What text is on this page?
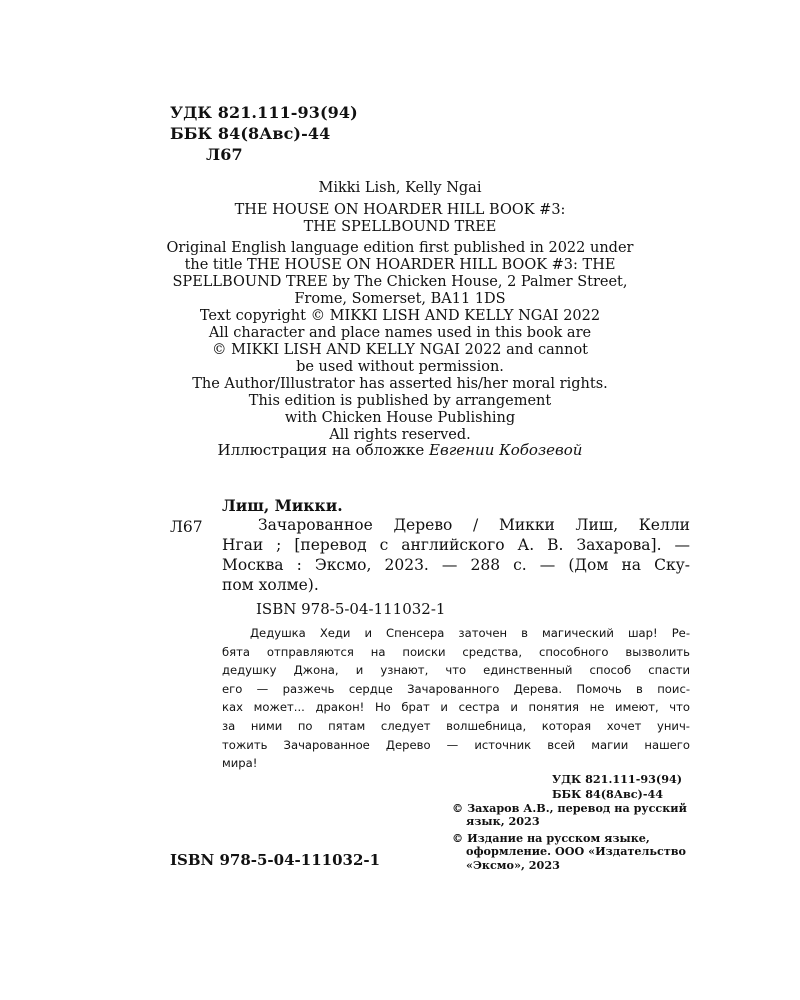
УДК 821.111-93(94)
ББК 84(8Авс)-44
Л67
Mikki Lish, Kelly Ngai
THE HOUSE ON HOARDER HILL BOOK #3:
THE SPELLBOUND TREE
Original English language edition first published in 2022 under
the title THE HOUSE ON HOARDER HILL BOOK #3: THE
SPELLBOUND TREE by The Chicken House, 2 Palmer Street,
Frome, Somerset, BA11 1DS
Text copyright © MIKKI LISH AND KELLY NGAI 2022
All character and place names used in this book are
© MIKKI LISH AND KELLY NGAI 2022 and cannot
be used without permission.
The Author/Illustrator has asserted his/her moral rights.
This edition is published by arrangement
with Chicken House Publishing
All rights reserved.
Иллюстрация на обложке Евгении Кобозевой
Лиш, Микки.
Л67	Зачарованное Дерево / Микки Лиш, Келли
Нгаи ; [перевод с английского А. В. Захарова]. —
Москва : Эксмо, 2023. — 288 с. — (Дом на Ску-
пом холме).
ISBN 978-5-04-111032-1
Дедушка Хеди и Спенсера заточен в магический шар! Ре-
бята отправляются на поиски средства, способного вызволить
дедушку Джона, и узнают, что единственный способ спасти
его — разжечь сердце Зачарованного Дерева. Помочь в поис-
ках может... дракон! Но брат и сестра и понятия не имеют, что
за ними по пятам следует волшебница, которая хочет унич-
тожить Зачарованное Дерево — источник всей магии нашего
мира!
УДК 821.111-93(94)
ББК 84(8Авс)-44
© Захаров А.В., перевод на русский
язык, 2023
© Издание на русском языке,
оформление. ООО «Издательство
«Эксмо», 2023
ISBN 978-5-04-111032-1
